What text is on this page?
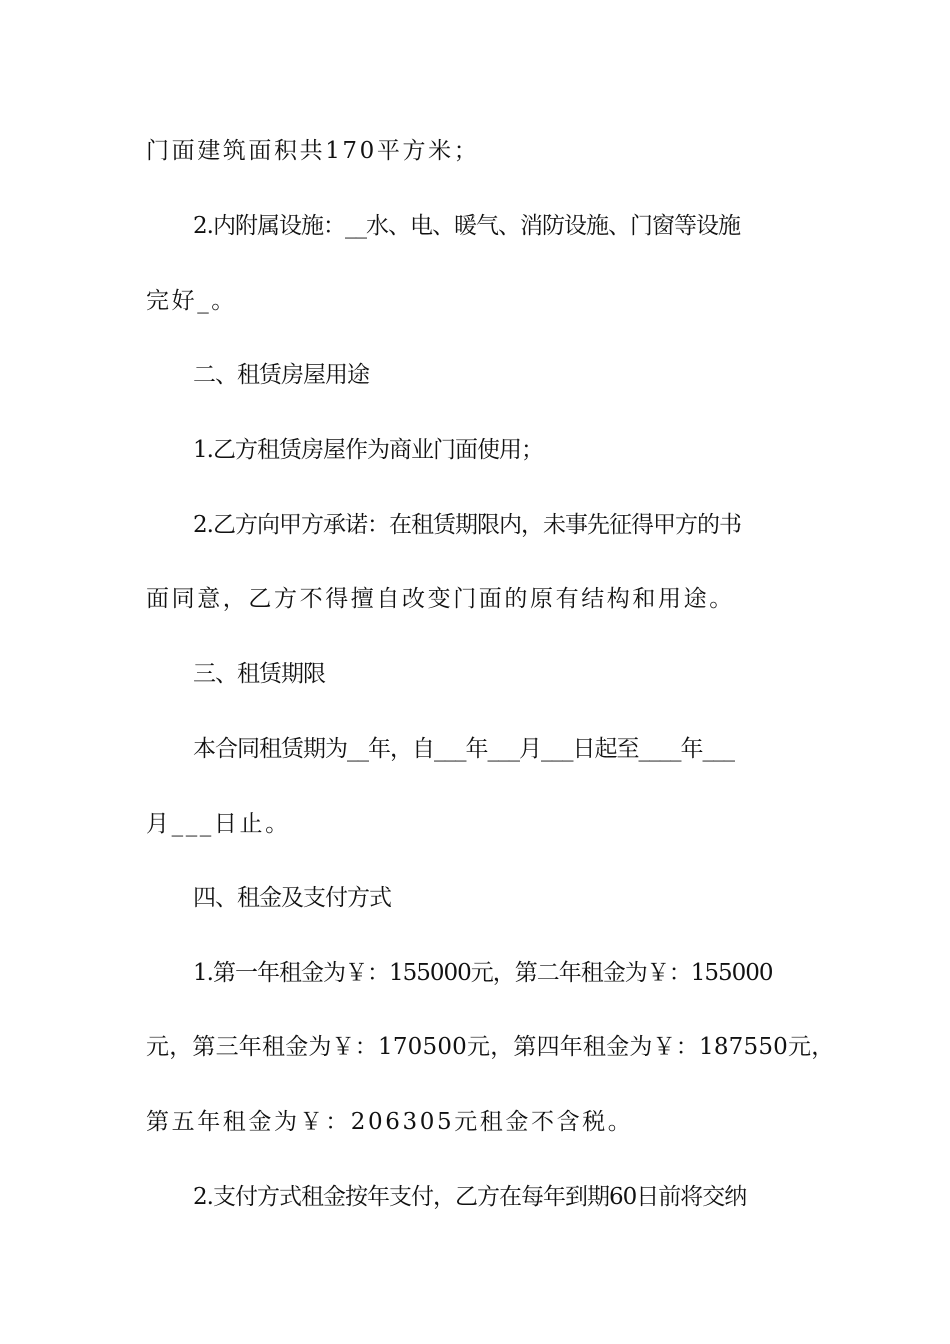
门面建筑面积共170平方米；
2.内附属设施：__水、电、暖气、消防设施、门窗等设施
完好_。
二、租赁房屋用途
1.乙方租赁房屋作为商业门面使用；
2.乙方向甲方承诺：在租赁期限内，未事先征得甲方的书
面同意，乙方不得擅自改变门面的原有结构和用途。
三、租赁期限
本合同租赁期为__年，自___年___月___日起至____年___
月___日止。
四、租金及支付方式
1.第一年租金为￥：155000元，第二年租金为￥：155000
元，第三年租金为￥：170500元，第四年租金为￥：187550元，
第五年租金为￥：206305元租金不含税。
2.支付方式租金按年支付，乙方在每年到期60日前将交纳
